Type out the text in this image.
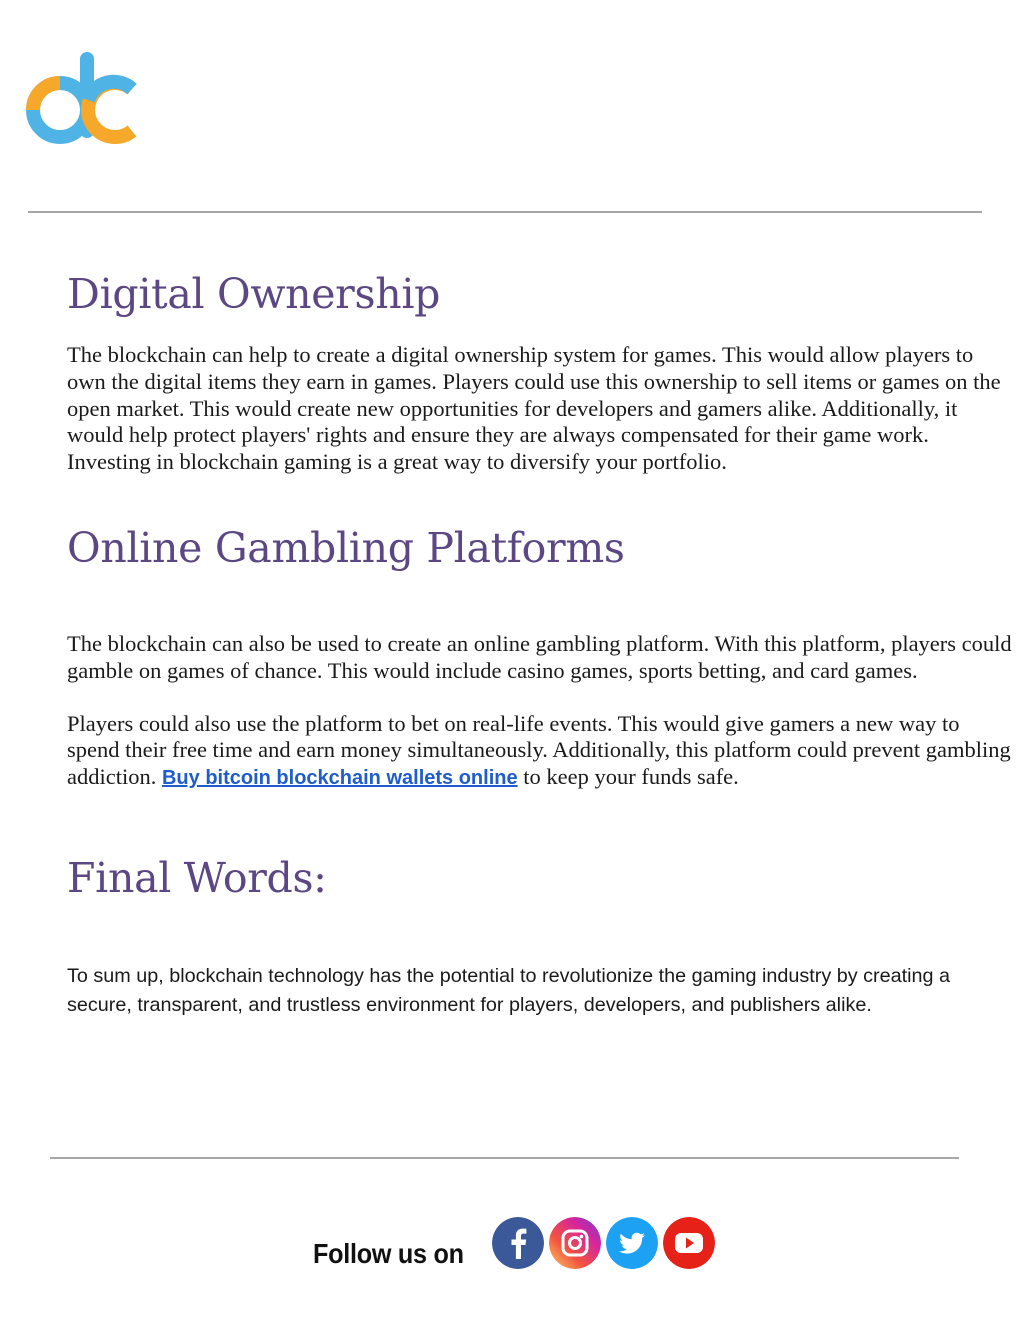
Digital Ownership

The blockchain can help to create a digital ownership system for games. This would allow players to own the digital items they earn in games. Players could use this ownership to sell items or games on the open market. This would create new opportunities for developers and gamers alike. Additionally, it would help protect players' rights and ensure they are always compensated for their game work. Investing in blockchain gaming is a great way to diversify your portfolio.

Online Gambling Platforms

The blockchain can also be used to create an online gambling platform. With this platform, players could gamble on games of chance. This would include casino games, sports betting, and card games.

Players could also use the platform to bet on real-life events. This would give gamers a new way to spend their free time and earn money simultaneously. Additionally, this platform could prevent gambling addiction. Buy bitcoin blockchain wallets online to keep your funds safe.

Final Words:

To sum up, blockchain technology has the potential to revolutionize the gaming industry by creating a secure, transparent, and trustless environment for players, developers, and publishers alike.

Follow us on
